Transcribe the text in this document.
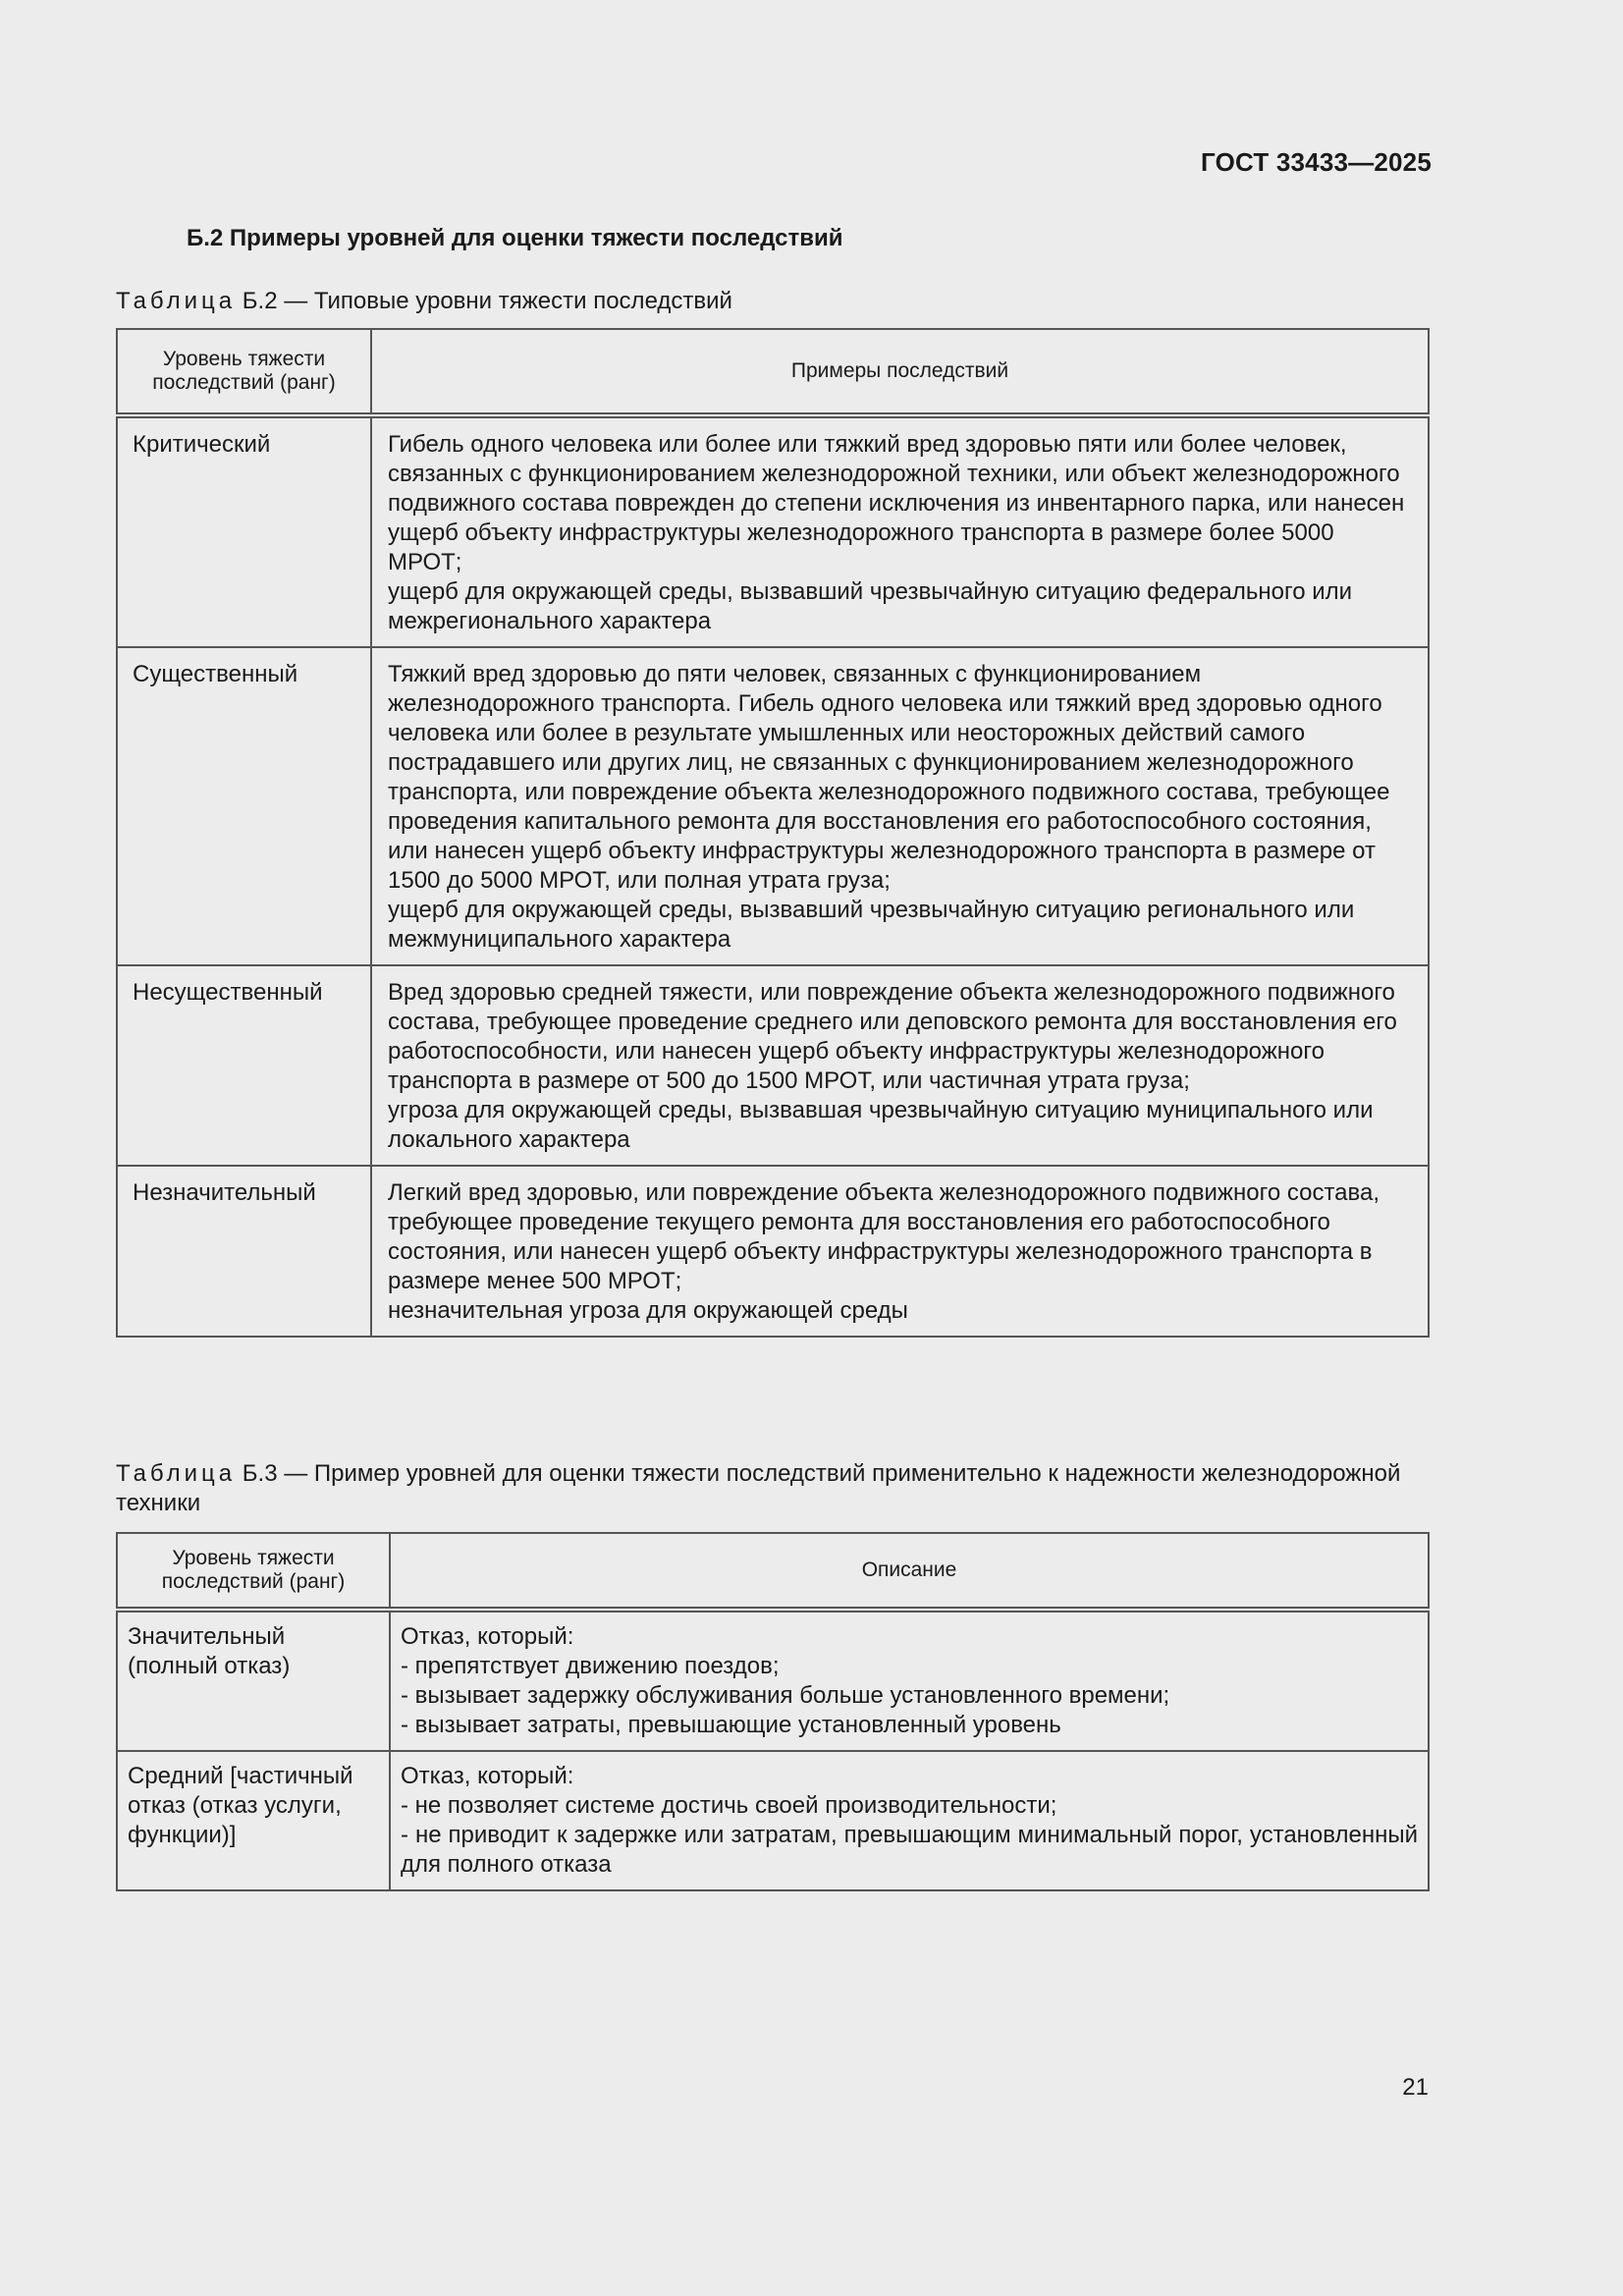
ГОСТ 33433—2025
Б.2 Примеры уровней для оценки тяжести последствий
Таблица Б.2 — Типовые уровни тяжести последствий
Уровень тяжести последствий (ранг)	Примеры последствий
Критический	Гибель одного человека или более или тяжкий вред здоровью пяти или более человек, связанных с функционированием железнодорожной техники, или объект железнодорожного подвижного состава поврежден до степени исключения из инвентарного парка, или нанесен ущерб объекту инфраструктуры железнодорожного транспорта в размере более 5000 МРОТ;
ущерб для окружающей среды, вызвавший чрезвычайную ситуацию федерального или межрегионального характера

Существенный	Тяжкий вред здоровью до пяти человек, связанных с функционированием железнодорожного транспорта. Гибель одного человека или тяжкий вред здоровью одного человека или более в результате умышленных или неосторожных действий самого пострадавшего или других лиц, не связанных с функционированием железнодорожного транспорта, или повреждение объекта железнодорожного подвижного состава, требующее проведения капитального ремонта для восстановления его работоспособного состояния, или нанесен ущерб объекту инфраструктуры железнодорожного транспорта в размере от 1500 до 5000 МРОТ, или полная утрата груза;
ущерб для окружающей среды, вызвавший чрезвычайную ситуацию регионального или межмуниципального характера

Несущественный	Вред здоровью средней тяжести, или повреждение объекта железнодорожного подвижного состава, требующее проведение среднего или деповского ремонта для восстановления его работоспособности, или нанесен ущерб объекту инфраструктуры железнодорожного транспорта в размере от 500 до 1500 МРОТ, или частичная утрата груза;
угроза для окружающей среды, вызвавшая чрезвычайную ситуацию муниципального или локального характера

Незначительный	Легкий вред здоровью, или повреждение объекта железнодорожного подвижного состава, требующее проведение текущего ремонта для восстановления его работоспособного состояния, или нанесен ущерб объекту инфраструктуры железнодорожного транспорта в размере менее 500 МРОТ;
незначительная угроза для окружающей среды
Таблица Б.3 — Пример уровней для оценки тяжести последствий применительно к надежности железнодорожной техники
Уровень тяжести последствий (ранг)	Описание
Значительный (полный отказ)	Отказ, который:
- препятствует движению поездов;
- вызывает задержку обслуживания больше установленного времени;
- вызывает затраты, превышающие установленный уровень

Средний [частичный отказ (отказ услуги, функции)]	Отказ, который:
- не позволяет системе достичь своей производительности;
- не приводит к задержке или затратам, превышающим минимальный порог, установленный для полного отказа
21
